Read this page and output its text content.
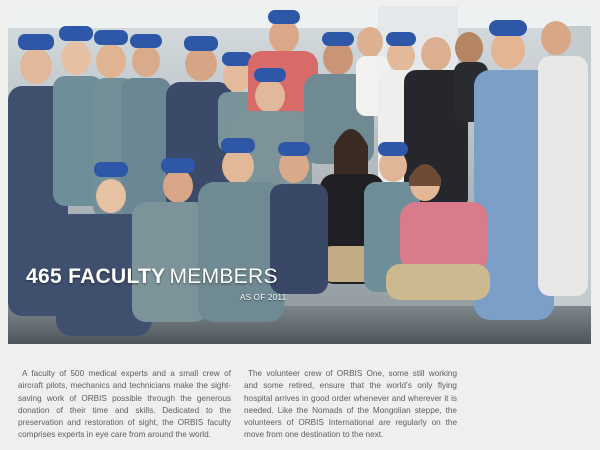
465 FACULTY MEMBERS
AS OF 2011

A faculty of 500 medical experts and a small crew of aircraft pilots, mechanics and technicians make the sight-saving work of ORBIS possible through the generous donation of their time and skills. Dedicated to the preservation and restoration of sight, the ORBIS faculty comprises experts in eye care from around the world.

The volunteer crew of ORBIS One, some still working and some retired, ensure that the world’s only flying hospital arrives in good order whenever and wherever it is needed. Like the Nomads of the Mongolian steppe, the volunteers of ORBIS International are regularly on the move from one destination to the next.
